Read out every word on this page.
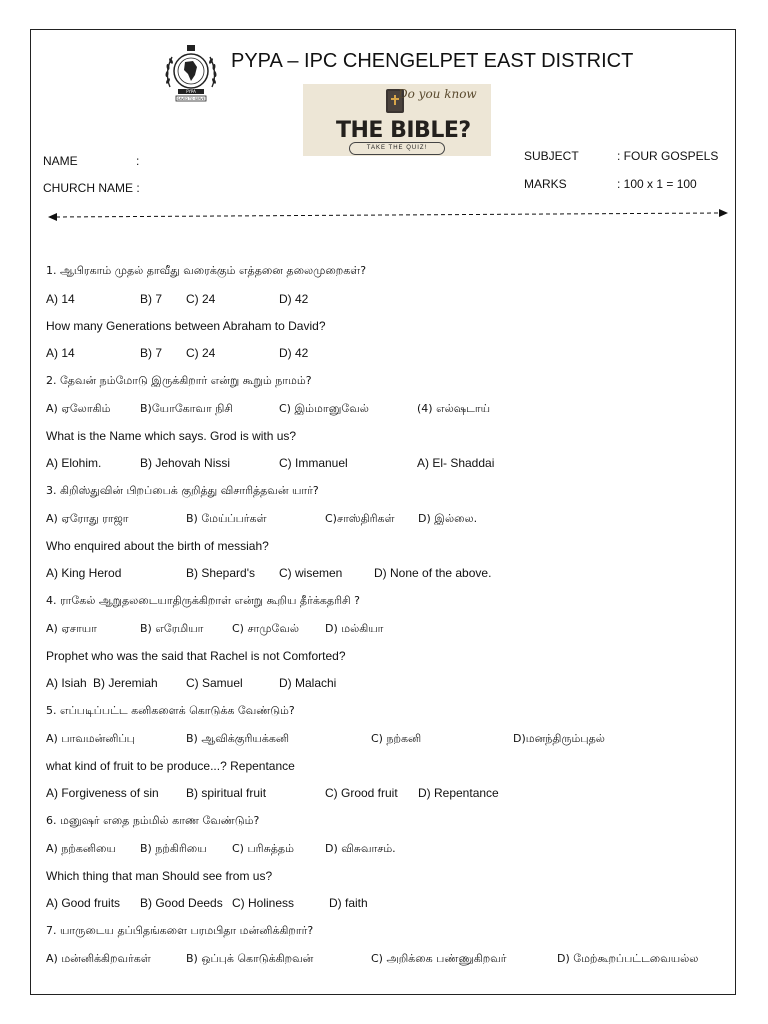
PYPA
SAVED TO SERVE
PYPA – IPC CHENGELPET EAST DISTRICT
Do you know
THE BIBLE?
TAKE THE QUIZ!
NAME	:
CHURCH NAME :
SUBJECT	: FOUR GOSPELS
MARKS	: 100 x 1 = 100
1. ஆபிரகாம் முதல் தாவீது வரைக்கும் எத்தனை தலைமுறைகள்?
A) 14	B) 7 C) 24	D) 42
How many Generations between Abraham to David?
A) 14	B) 7 C) 24	D) 42
2. தேவன் நம்மோடு இருக்கிறார் என்று கூறும் நாமம்?
A) ஏலோகிம்	B)யோகோவா நிசி	C) இம்மானுவேல்	(4) எல்ஷடாய்
What is the Name which says. Grod is with us?
A) Elohim.	B) Jehovah Nissi	C) Immanuel	A) El- Shaddai
3. கிறிஸ்துவின் பிறப்பைக் குறித்து விசாரித்தவன் யார்?
A) ஏரோது ராஜா	B) மேய்ப்பர்கள்	C)சாஸ்திரிகள் D) இல்லை.
Who enquired about the birth of messiah?
A) King Herod	B) Shepard's C) wisemen	D) None of the above.
4. ராகேல் ஆறுதலடையாதிருக்கிறாள் என்று கூறிய தீர்க்கதரிசி ?
A) ஏசாயா	B) எரேமியா	C) சாமுவேல் D) மல்கியா
Prophet who was the said that Rachel is not Comforted?
A) Isiah B) Jeremiah C) Samuel	D) Malachi
5. எப்படிப்பட்ட கனிகளைக் கொடுக்க வேண்டும்?
A) பாவமன்னிப்பு	B) ஆவிக்குரியக்கனி	C) நற்கனி	D)மனந்திரும்புதல்
what kind of fruit to be produce...? Repentance
A) Forgiveness of sin B) spiritual fruit	C) Grood fruit D) Repentance
6. மனுஷர் எதை நம்மில் காண வேண்டும்?
A) நற்கனியை B) நற்கிரியை C) பரிசுத்தம்	D) விசுவாசம்.
Which thing that man Should see from us?
A) Good fruits B) Good Deeds C) Holiness	D) faith
7. யாருடைய தப்பிதங்களை பரமபிதா மன்னிக்கிறார்?
A) மன்னிக்கிறவர்கள்	B) ஒப்புக் கொடுக்கிறவன்	C) அறிக்கை பண்ணுகிறவர்	D) மேற்கூறப்பட்டவையல்ல
